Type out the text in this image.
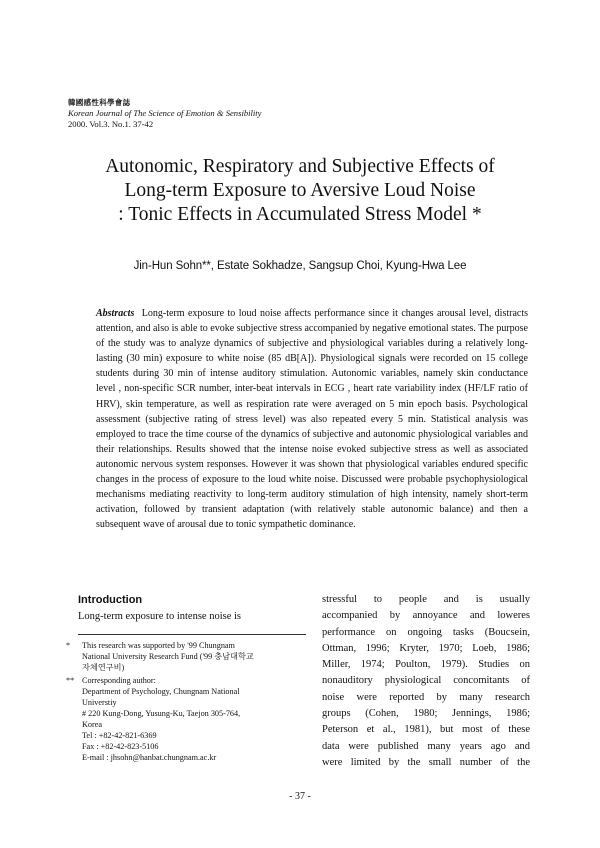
韓國感性科學會誌
Korean Journal of The Science of Emotion & Sensibility
2000. Vol.3. No.1. 37-42
Autonomic, Respiratory and Subjective Effects of
Long-term Exposure to Aversive Loud Noise
: Tonic Effects in Accumulated Stress Model *
Jin-Hun Sohn**, Estate Sokhadze, Sangsup Choi, Kyung-Hwa Lee
Abstracts Long-term exposure to loud noise affects performance since it changes arousal level, distracts attention, and also is able to evoke subjective stress accompanied by negative emotional states. The purpose of the study was to analyze dynamics of subjective and physiological variables during a relatively long-lasting (30 min) exposure to white noise (85 dB[A]). Physiological signals were recorded on 15 college students during 30 min of intense auditory stimulation. Autonomic variables, namely skin conductance level , non-specific SCR number, inter-beat intervals in ECG , heart rate variability index (HF/LF ratio of HRV), skin temperature, as well as respiration rate were averaged on 5 min epoch basis. Psychological assessment (subjective rating of stress level) was also repeated every 5 min. Statistical analysis was employed to trace the time course of the dynamics of subjective and autonomic physiological variables and their relationships. Results showed that the intense noise evoked subjective stress as well as associated autonomic nervous system responses. However it was shown that physiological variables endured specific changes in the process of exposure to the loud white noise. Discussed were probable psychophysiological mechanisms mediating reactivity to long-term auditory stimulation of high intensity, namely short-term activation, followed by transient adaptation (with relatively stable autonomic balance) and then a subsequent wave of arousal due to tonic sympathetic dominance.
Introduction
Long-term exposure to intense noise is
* This research was supported by '99 Chungnam
National University Research Fund ('99 충남대학교
자체연구비)
** Corresponding author:
Department of Psychology, Chungnam National
Universtiy
# 220 Kung-Dong, Yusung-Ku, Taejon 305-764,
Korea
Tel : +82-42-821-6369
Fax : +82-42-823-5106
E-mail : jhsohn@hanbat.chungnam.ac.kr
stressful to people and is usually
accompanied by annoyance and loweres
performance on ongoing tasks (Boucsein,
Ottman, 1996; Kryter, 1970; Loeb, 1986;
Miller, 1974; Poulton, 1979). Studies on
nonauditory physiological concomitants of
noise were reported by many research
groups (Cohen, 1980; Jennings, 1986;
Peterson et al., 1981), but most of these
data were published many years ago and
were limited by the small number of the
- 37 -
